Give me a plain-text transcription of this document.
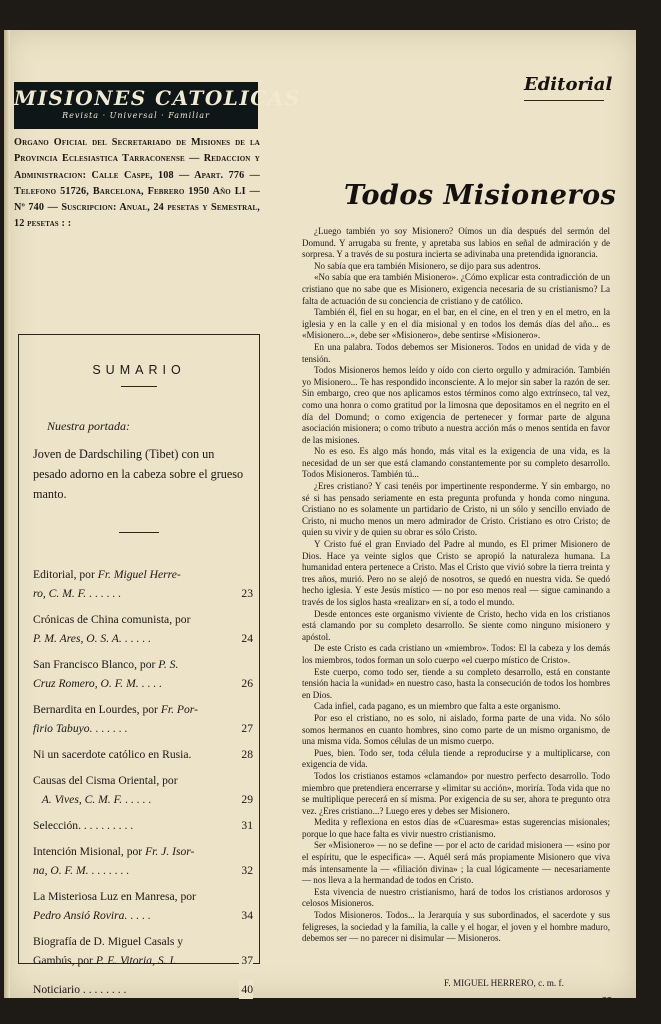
MISIONES CATOLICAS
Revista · Universal · Familiar
Organo Oficial del Secretariado de Misiones de la Provincia Eclesiastica Tarraconense — Redaccion y Administracion: Calle Caspe, 108 — Apart. 776 — Telefono 51726, Barcelona, Febrero 1950 Año LI — Nº 740 — Suscripcion: Anual, 24 pesetas y Semestral, 12 pesetas : :
SUMARIO
Nuestra portada:
Joven de Dardschiling (Tibet) con un pesado adorno en la cabeza sobre el grueso manto.
Editorial, por Fr. Miguel Herre-
ro, C. M. F. . . . . . .	23
Crónicas de China comunista, por
P. M. Ares, O. S. A. . . . . .	24
San Francisco Blanco, por P. S.
Cruz Romero, O. F. M. . . . .	26
Bernardita en Lourdes, por Fr. Por-
firio Tabuyo. . . . . . .	27
Ni un sacerdote católico en Rusia.	28
Causas del Cisma Oriental, por
A. Vives, C. M. F. . . . . .	29
Selección. . . . . . . . . .	31
Intención Misional, por Fr. J. Isor-
na, O. F. M. . . . . . . .	32
La Misteriosa Luz en Manresa, por
Pedro Ansió Rovira. . . . .	34
Biografía de D. Miguel Casals y
Gambús, por P. E. Vitoria, S. I.	37
Noticiario . . . . . . . .	40
Editorial
Todos Misioneros

¿Luego también yo soy Misionero? Oímos un día después del sermón del Domund. Y arrugaba su frente, y apretaba sus labios en señal de admiración y de sorpresa. Y a través de su postura incierta se adivinaba una pretendida ignorancia.

No sabía que era también Misionero, se dijo para sus adentros.

«No sabía que era también Misionero». ¿Cómo explicar esta contradicción de un cristiano que no sabe que es Misionero, exigencia necesaria de su cristianismo? La falta de actuación de su conciencia de cristiano y de católico.

También él, fiel en su hogar, en el bar, en el cine, en el tren y en el metro, en la iglesia y en la calle y en el día misional y en todos los demás días del año... es «Misionero...», debe ser «Misionero», debe sentirse «Misionero».

En una palabra. Todos debemos ser Misioneros. Todos en unidad de vida y de tensión.

Todos Misioneros hemos leído y oído con cierto orgullo y admiración. También yo Misionero... Te has respondido inconsciente. A lo mejor sin saber la razón de ser. Sin embargo, creo que nos aplicamos estos términos como algo extrínseco, tal vez, como una honra o como gratitud por la limosna que depositamos en el negrito en el día del Domund; o como exigencia de pertenecer y formar parte de alguna asociación misionera; o como tributo a nuestra acción más o menos sentida en favor de las misiones.

No es eso. Es algo más hondo, más vital es la exigencia de una vida, es la necesidad de un ser que está clamando constantemente por su completo desarrollo. Todos Misioneros. También tú...

¿Eres cristiano? Y casi tenéis por impertinente responderme. Y sin embargo, no sé si has pensado seriamente en esta pregunta profunda y honda como ninguna. Cristiano no es solamente un partidario de Cristo, ni un sólo y sencillo enviado de Cristo, ni mucho menos un mero admirador de Cristo. Cristiano es otro Cristo; de quien su vivir y de quien su obrar es sólo Cristo.

Y Cristo fué el gran Enviado del Padre al mundo, es El primer Misionero de Dios. Hace ya veinte siglos que Cristo se apropió la naturaleza humana. La humanidad entera pertenece a Cristo. Mas el Cristo que vivió sobre la tierra treinta y tres años, murió. Pero no se alejó de nosotros, se quedó en nuestra vida. Se quedó hecho iglesia. Y este Jesús místico — no por eso menos real — sigue caminando a través de los siglos hasta «realizar» en sí, a todo el mundo.

Desde entonces este organismo viviente de Cristo, hecho vida en los cristianos está clamando por su completo desarrollo. Se siente como ninguno misionero y apóstol.

De este Cristo es cada cristiano un «miembro». Todos: El la cabeza y los demás los miembros, todos forman un solo cuerpo «el cuerpo místico de Cristo».

Este cuerpo, como todo ser, tiende a su completo desarrollo, está en constante tensión hacia la «unidad» en nuestro caso, hasta la consecución de todos los hombres en Dios.

Cada infiel, cada pagano, es un miembro que falta a este organismo.

Por eso el cristiano, no es solo, ni aislado, forma parte de una vida. No sólo somos hermanos en cuanto hombres, sino como parte de un mismo organismo, de una misma vida. Somos células de un mismo cuerpo.

Pues, bien. Todo ser, toda célula tiende a reproducirse y a multiplicarse, con exigencia de vida.

Todos los cristianos estamos «clamando» por nuestro perfecto desarrollo. Todo miembro que pretendiera encerrarse y «limitar su acción», moriría. Toda vida que no se multiplique perecerá en sí misma. Por exigencia de su ser, ahora te pregunto otra vez. ¿Eres cristiano...? Luego eres y debes ser Misionero.

Medita y reflexiona en estos días de «Cuaresma» estas sugerencias misionales; porque lo que hace falta es vivir nuestro cristianismo.

Ser «Misionero» — no se define — por el acto de caridad misionera — «sino por el espíritu, que le especifica» —. Aquél será más propiamente Misionero que viva más intensamente la — «filiación divina» ; la cual lógicamente — necesariamente — nos lleva a la hermandad de todos en Cristo.

Esta vivencia de nuestro cristianismo, hará de todos los cristianos ardorosos y celosos Misioneros.

Todos Misioneros. Todos... la Jerarquía y sus subordinados, el sacerdote y sus feligreses, la sociedad y la familia, la calle y el hogar, el joven y el hombre maduro, debemos ser — no parecer ni disimular — Misioneros.

F. MIGUEL HERRERO, c. m. f.
23
